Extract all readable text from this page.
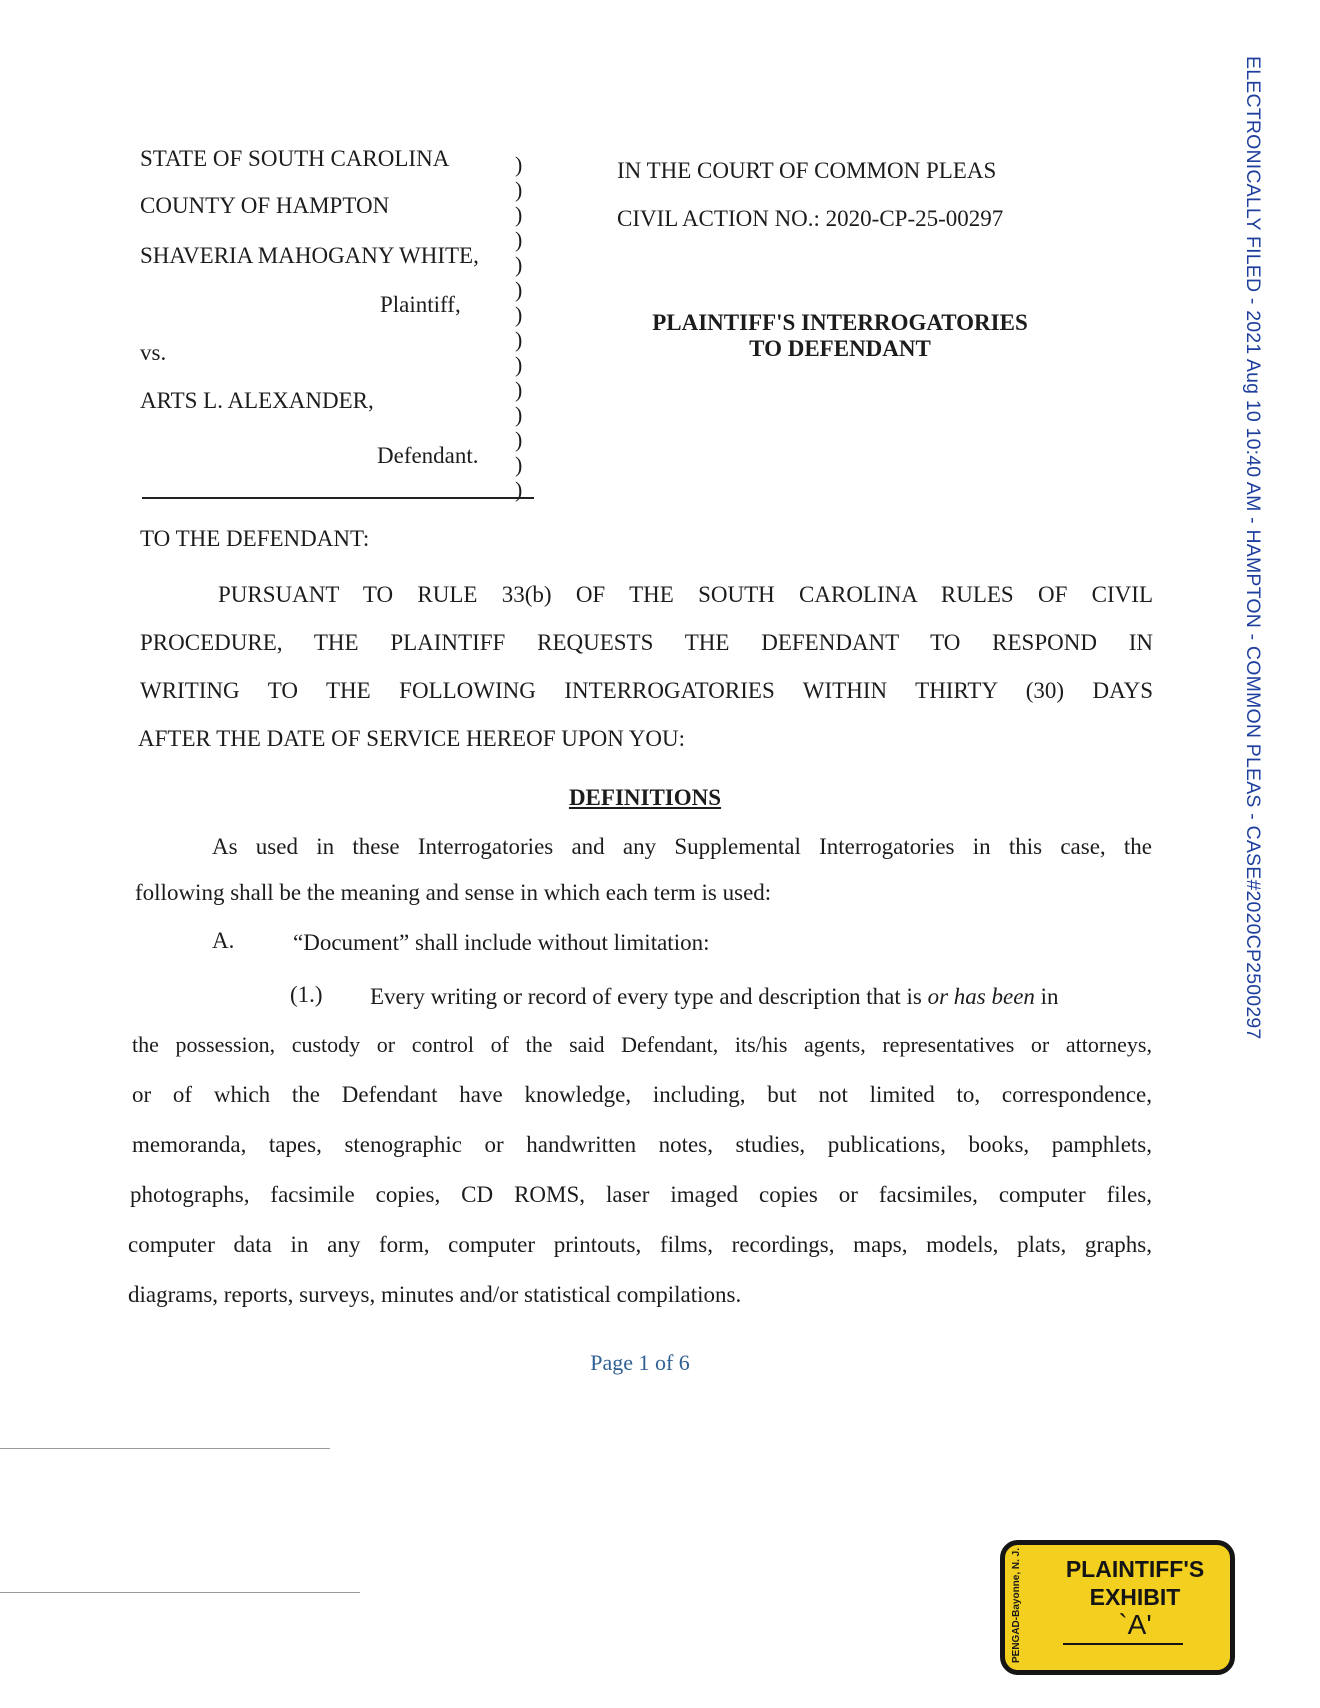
STATE OF SOUTH CAROLINA
COUNTY OF HAMPTON
SHAVERIA MAHOGANY WHITE,
Plaintiff,
vs.
ARTS L. ALEXANDER,
Defendant.
)
)
)
)
)
)
)
)
)
)
)
)
)
)
IN THE COURT OF COMMON PLEAS
CIVIL ACTION NO.: 2020-CP-25-00297
PLAINTIFF'S INTERROGATORIES
TO DEFENDANT
TO THE DEFENDANT:
PURSUANT TO RULE 33(b) OF THE SOUTH CAROLINA RULES OF CIVIL
PROCEDURE, THE PLAINTIFF REQUESTS THE DEFENDANT TO RESPOND IN
WRITING TO THE FOLLOWING INTERROGATORIES WITHIN THIRTY (30) DAYS
AFTER THE DATE OF SERVICE HEREOF UPON YOU:
DEFINITIONS
As used in these Interrogatories and any Supplemental Interrogatories in this case, the
following shall be the meaning and sense in which each term is used:
A.	“Document” shall include without limitation:
(1.) Every writing or record of every type and description that is or has been in
the possession, custody or control of the said Defendant, its/his agents, representatives or attorneys,
or of which the Defendant have knowledge, including, but not limited to, correspondence,
memoranda, tapes, stenographic or handwritten notes, studies, publications, books, pamphlets,
photographs, facsimile copies, CD ROMS, laser imaged copies or facsimiles, computer files,
computer data in any form, computer printouts, films, recordings, maps, models, plats, graphs,
diagrams, reports, surveys, minutes and/or statistical compilations.
Page 1 of 6
ELECTRONICALLY FILED - 2021 Aug 10 10:40 AM - HAMPTON - COMMON PLEAS - CASE#2020CP2500297
PENGAD-Bayonne, N. J.	PLAINTIFF'S
EXHIBIT
`A'
